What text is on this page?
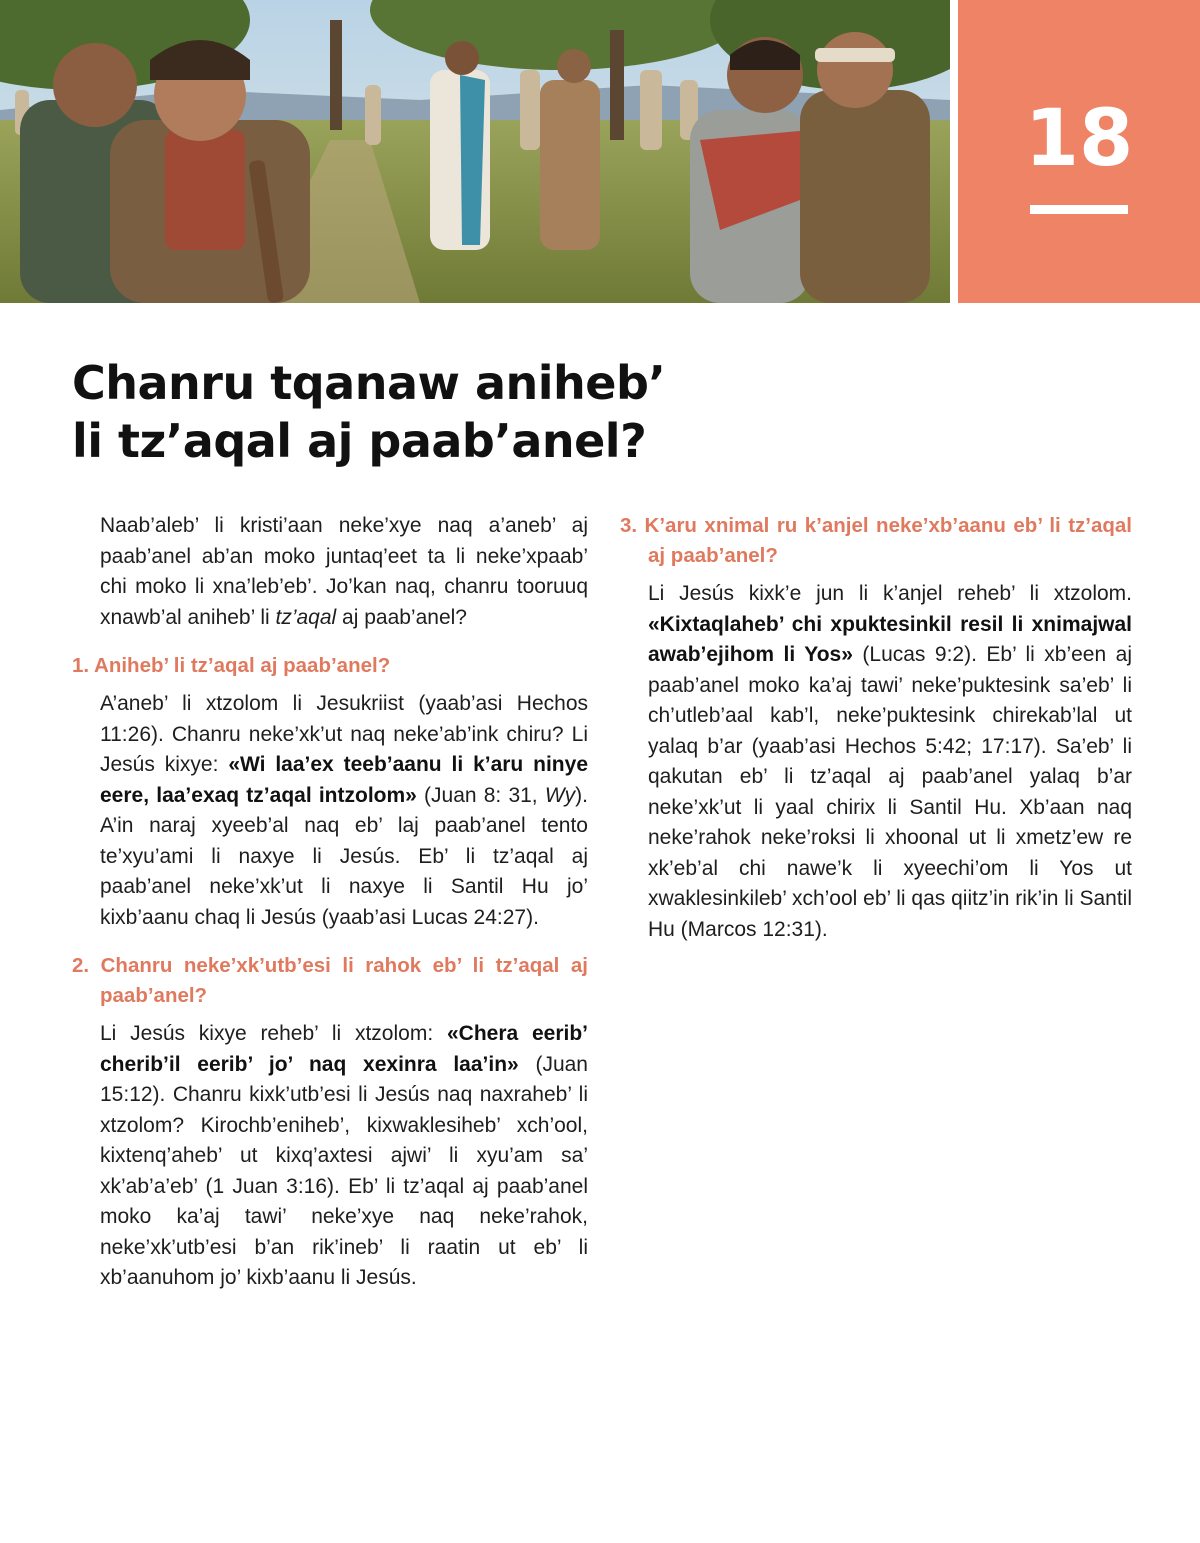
18
Chanru tqanaw aniheb’
li tz’aqal aj paab’anel?

Naab’aleb’ li kristi’aan neke’xye naq a’aneb’ aj paab’anel ab’an moko juntaq’eet ta li neke’xpaab’ chi moko li xna’leb’eb’. Jo’kan naq, chanru tooruuq xnawb’al aniheb’ li tz’aqal aj paab’anel?

1. Aniheb’ li tz’aqal aj paab’anel?

A’aneb’ li xtzolom li Jesukriist (yaab’asi Hechos 11:26). Chanru neke’xk’ut naq neke’ab’ink chiru? Li Jesús kixye: «Wi laa’ex teeb’aanu li k’aru ninye eere, laa’exaq tz’aqal intzolom» (Juan 8: 31, Wy). A’in naraj xyeeb’al naq eb’ laj paab’anel tento te’xyu’ami li naxye li Jesús. Eb’ li tz’aqal aj paab’anel neke’xk’ut li naxye li Santil Hu jo’ kixb’aanu chaq li Jesús (yaab’asi Lucas 24:27).

2. Chanru neke’xk’utb’esi li rahok eb’ li tz’aqal aj paab’anel?

Li Jesús kixye reheb’ li xtzolom: «Chera eerib’ cherib’il eerib’ jo’ naq xexinra laa’in» (Juan 15:12). Chanru kixk’utb’esi li Jesús naq naxraheb’ li xtzolom? Kirochb’eniheb’, kixwaklesiheb’ xch’ool, kixtenq’aheb’ ut kixq’axtesi ajwi’ li xyu’am sa’ xk’ab’a’eb’ (1 Juan 3:16). Eb’ li tz’aqal aj paab’anel moko ka’aj tawi’ neke’xye naq neke’rahok, neke’xk’utb’esi b’an rik’ineb’ li raatin ut eb’ li xb’aanuhom jo’ kixb’aanu li Jesús.

3. K’aru xnimal ru k’anjel neke’xb’aanu eb’ li tz’aqal aj paab’anel?

Li Jesús kixk’e jun li k’anjel reheb’ li xtzolom. «Kixtaqlaheb’ chi xpuktesinkil resil li xnimajwal awab’ejihom li Yos» (Lucas 9:2). Eb’ li xb’een aj paab’anel moko ka’aj tawi’ neke’puktesink sa’eb’ li ch’utleb’aal kab’l, neke’puktesink chirekab’lal ut yalaq b’ar (yaab’asi Hechos 5:42; 17:17). Sa’eb’ li qakutan eb’ li tz’aqal aj paab’anel yalaq b’ar neke’xk’ut li yaal chirix li Santil Hu. Xb’aan naq neke’rahok neke’roksi li xhoonal ut li xmetz’ew re xk’eb’al chi nawe’k li xyeechi’om li Yos ut xwaklesinkileb’ xch’ool eb’ li qas qiitz’in rik’in li Santil Hu (Marcos 12:31).
